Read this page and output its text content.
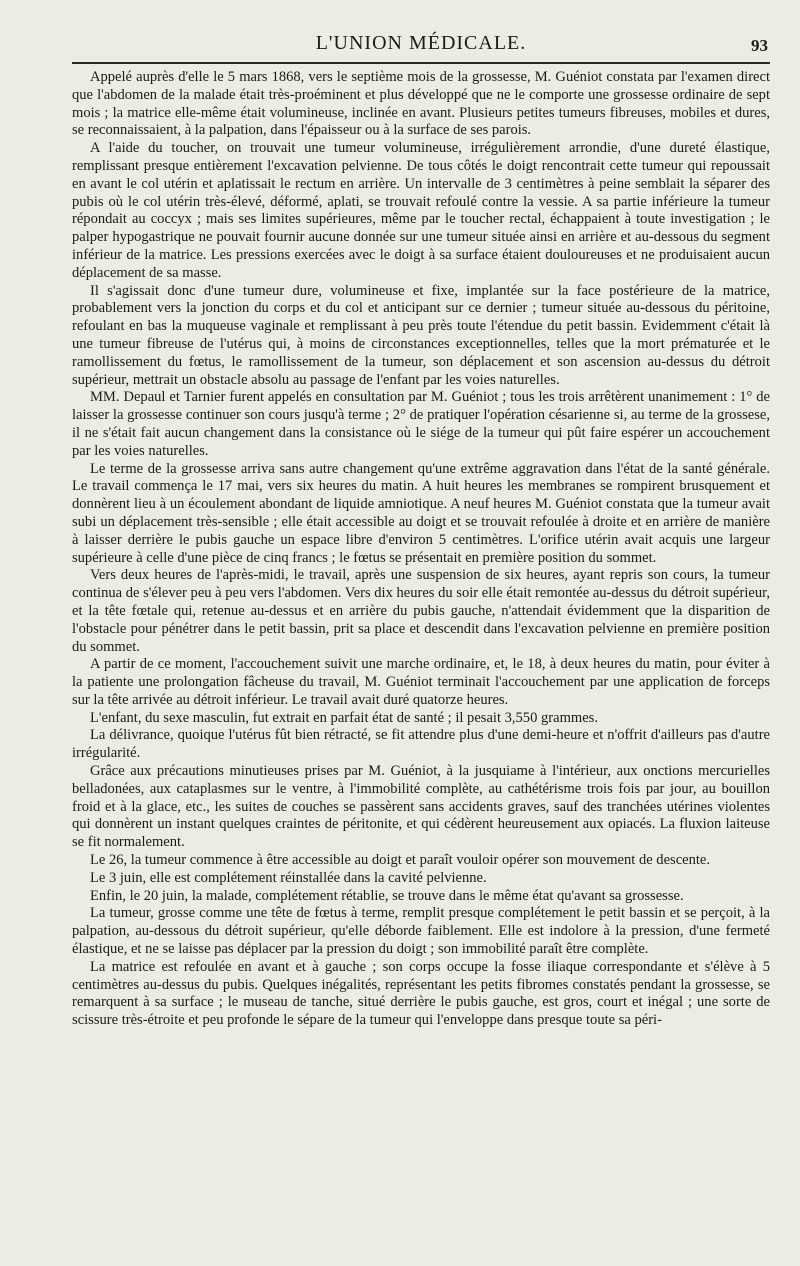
L'UNION MÉDICALE.	93

Appelé auprès d'elle le 5 mars 1868, vers le septième mois de la grossesse, M. Guéniot constata par l'examen direct que l'abdomen de la malade était très-proéminent et plus développé que ne le comporte une grossesse ordinaire de sept mois ; la matrice elle-même était volumineuse, inclinée en avant. Plusieurs petites tumeurs fibreuses, mobiles et dures, se reconnaissaient, à la palpation, dans l'épaisseur ou à la surface de ses parois.

A l'aide du toucher, on trouvait une tumeur volumineuse, irrégulièrement arrondie, d'une dureté élastique, remplissant presque entièrement l'excavation pelvienne. De tous côtés le doigt rencontrait cette tumeur qui repoussait en avant le col utérin et aplatissait le rectum en arrière. Un intervalle de 3 centimètres à peine semblait la séparer des pubis où le col utérin très-élevé, déformé, aplati, se trouvait refoulé contre la vessie. A sa partie inférieure la tumeur répondait au coccyx ; mais ses limites supérieures, même par le toucher rectal, échappaient à toute investigation ; le palper hypogastrique ne pouvait fournir aucune donnée sur une tumeur située ainsi en arrière et au-dessous du segment inférieur de la matrice. Les pressions exercées avec le doigt à sa surface étaient douloureuses et ne produisaient aucun déplacement de sa masse.

Il s'agissait donc d'une tumeur dure, volumineuse et fixe, implantée sur la face postérieure de la matrice, probablement vers la jonction du corps et du col et anticipant sur ce dernier ; tumeur située au-dessous du péritoine, refoulant en bas la muqueuse vaginale et remplissant à peu près toute l'étendue du petit bassin. Evidemment c'était là une tumeur fibreuse de l'utérus qui, à moins de circonstances exceptionnelles, telles que la mort prématurée et le ramollissement du fœtus, le ramollissement de la tumeur, son déplacement et son ascension au-dessus du détroit supérieur, mettrait un obstacle absolu au passage de l'enfant par les voies naturelles.

MM. Depaul et Tarnier furent appelés en consultation par M. Guéniot ; tous les trois arrêtèrent unanimement : 1° de laisser la grossesse continuer son cours jusqu'à terme ; 2° de pratiquer l'opération césarienne si, au terme de la grossese, il ne s'était fait aucun changement dans la consistance où le siége de la tumeur qui pût faire espérer un accouchement par les voies naturelles.

Le terme de la grossesse arriva sans autre changement qu'une extrême aggravation dans l'état de la santé générale. Le travail commença le 17 mai, vers six heures du matin. A huit heures les membranes se rompirent brusquement et donnèrent lieu à un écoulement abondant de liquide amniotique. A neuf heures M. Guéniot constata que la tumeur avait subi un déplacement très-sensible ; elle était accessible au doigt et se trouvait refoulée à droite et en arrière de manière à laisser derrière le pubis gauche un espace libre d'environ 5 centimètres. L'orifice utérin avait acquis une largeur supérieure à celle d'une pièce de cinq francs ; le fœtus se présentait en première position du sommet.

Vers deux heures de l'après-midi, le travail, après une suspension de six heures, ayant repris son cours, la tumeur continua de s'élever peu à peu vers l'abdomen. Vers dix heures du soir elle était remontée au-dessus du détroit supérieur, et la tête fœtale qui, retenue au-dessus et en arrière du pubis gauche, n'attendait évidemment que la disparition de l'obstacle pour pénétrer dans le petit bassin, prit sa place et descendit dans l'excavation pelvienne en première position du sommet.

A partir de ce moment, l'accouchement suivit une marche ordinaire, et, le 18, à deux heures du matin, pour éviter à la patiente une prolongation fâcheuse du travail, M. Guéniot terminait l'accouchement par une application de forceps sur la tête arrivée au détroit inférieur. Le travail avait duré quatorze heures.

L'enfant, du sexe masculin, fut extrait en parfait état de santé ; il pesait 3,550 grammes.

La délivrance, quoique l'utérus fût bien rétracté, se fit attendre plus d'une demi-heure et n'offrit d'ailleurs pas d'autre irrégularité.

Grâce aux précautions minutieuses prises par M. Guéniot, à la jusquiame à l'intérieur, aux onctions mercurielles belladonées, aux cataplasmes sur le ventre, à l'immobilité complète, au cathétérisme trois fois par jour, au bouillon froid et à la glace, etc., les suites de couches se passèrent sans accidents graves, sauf des tranchées utérines violentes qui donnèrent un instant quelques craintes de péritonite, et qui cédèrent heureusement aux opiacés. La fluxion laiteuse se fit normalement.

Le 26, la tumeur commence à être accessible au doigt et paraît vouloir opérer son mouvement de descente.

Le 3 juin, elle est complétement réinstallée dans la cavité pelvienne.

Enfin, le 20 juin, la malade, complétement rétablie, se trouve dans le même état qu'avant sa grossesse.

La tumeur, grosse comme une tête de fœtus à terme, remplit presque complétement le petit bassin et se perçoit, à la palpation, au-dessous du détroit supérieur, qu'elle déborde faiblement. Elle est indolore à la pression, d'une fermeté élastique, et ne se laisse pas déplacer par la pression du doigt ; son immobilité paraît être complète.

La matrice est refoulée en avant et à gauche ; son corps occupe la fosse iliaque correspondante et s'élève à 5 centimètres au-dessus du pubis. Quelques inégalités, représentant les petits fibromes constatés pendant la grossesse, se remarquent à sa surface ; le museau de tanche, situé derrière le pubis gauche, est gros, court et inégal ; une sorte de scissure très-étroite et peu profonde le sépare de la tumeur qui l'enveloppe dans presque toute sa péri-
